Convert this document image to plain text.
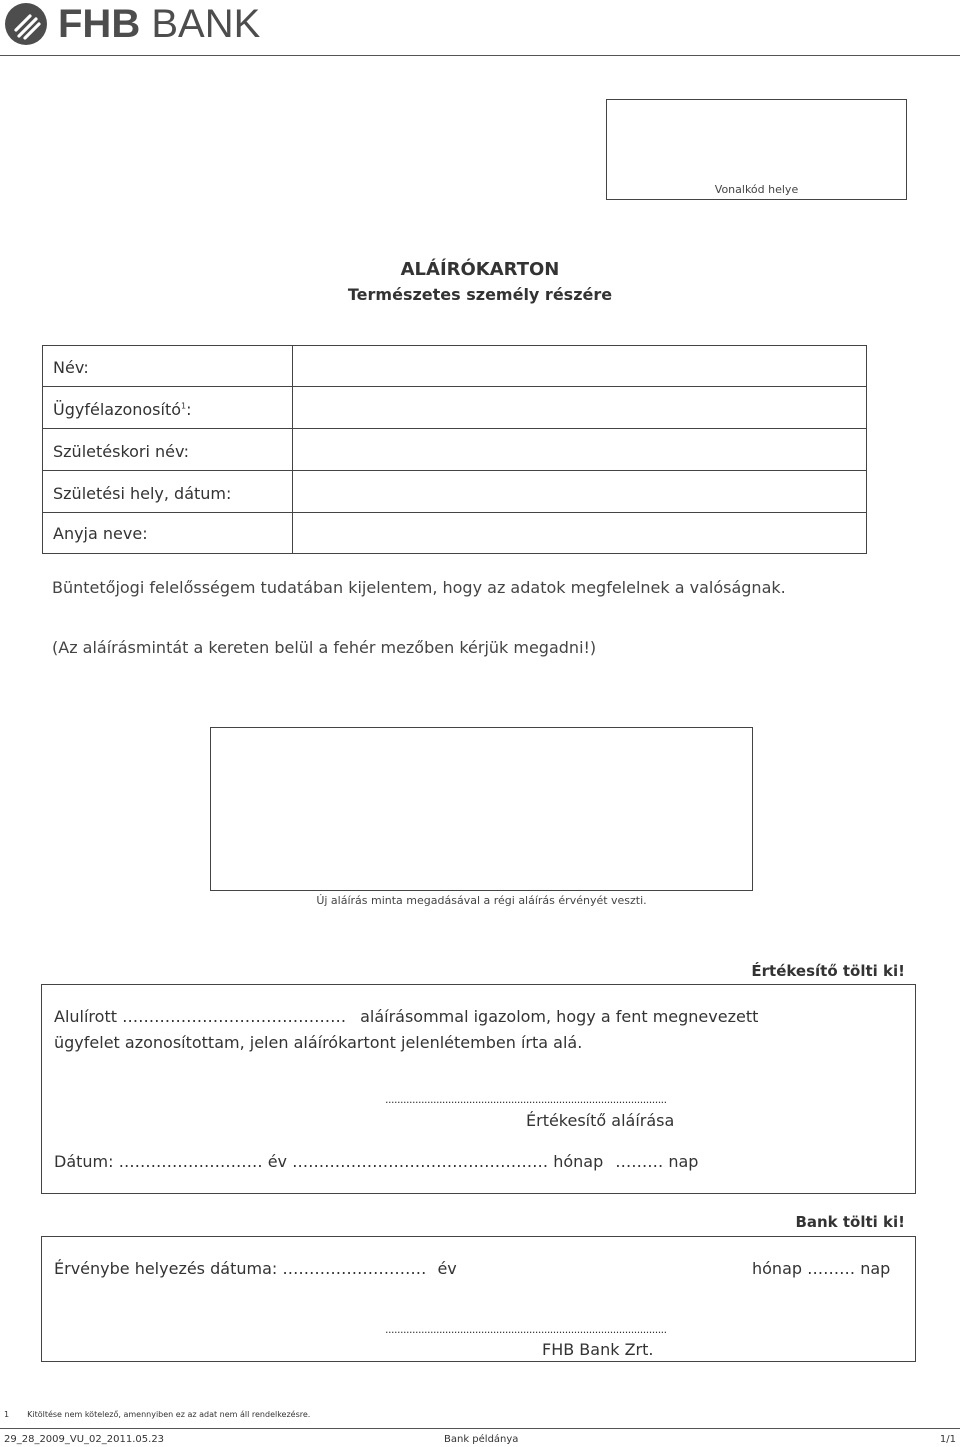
FHB BANK
Vonalkód helye
ALÁÍRÓKARTON
Természetes személy részére
Név:
Ügyfélazonosító$^1$:
Születéskori név:
Születési hely, dátum:
Anyja neve:
Büntetőjogi felelősségem tudatában kijelentem, hogy az adatok megfelelnek a valóságnak.
(Az aláírásmintát a kereten belül a fehér mezőben kérjük megadni!)
Új aláírás minta megadásával a régi aláírás érvényét veszti.
Értékesítő tölti ki!
Alulírott …………………………………… aláírásommal igazolom, hogy a fent megnevezett
ügyfelet azonosítottam, jelen aláírókartont jelenlétemben írta alá.
..............................................................................................
Értékesítő aláírása
Dátum: ……………………… év ………………………………………… hónap ……… nap
Bank tölti ki!
Érvénybe helyezés dátuma: ……………………… év	hónap ……… nap
..............................................................................................
FHB Bank Zrt.
1 Kitöltése nem kötelező, amennyiben ez az adat nem áll rendelkezésre.
29_28_2009_VU_02_2011.05.23	Bank példánya	1/1
